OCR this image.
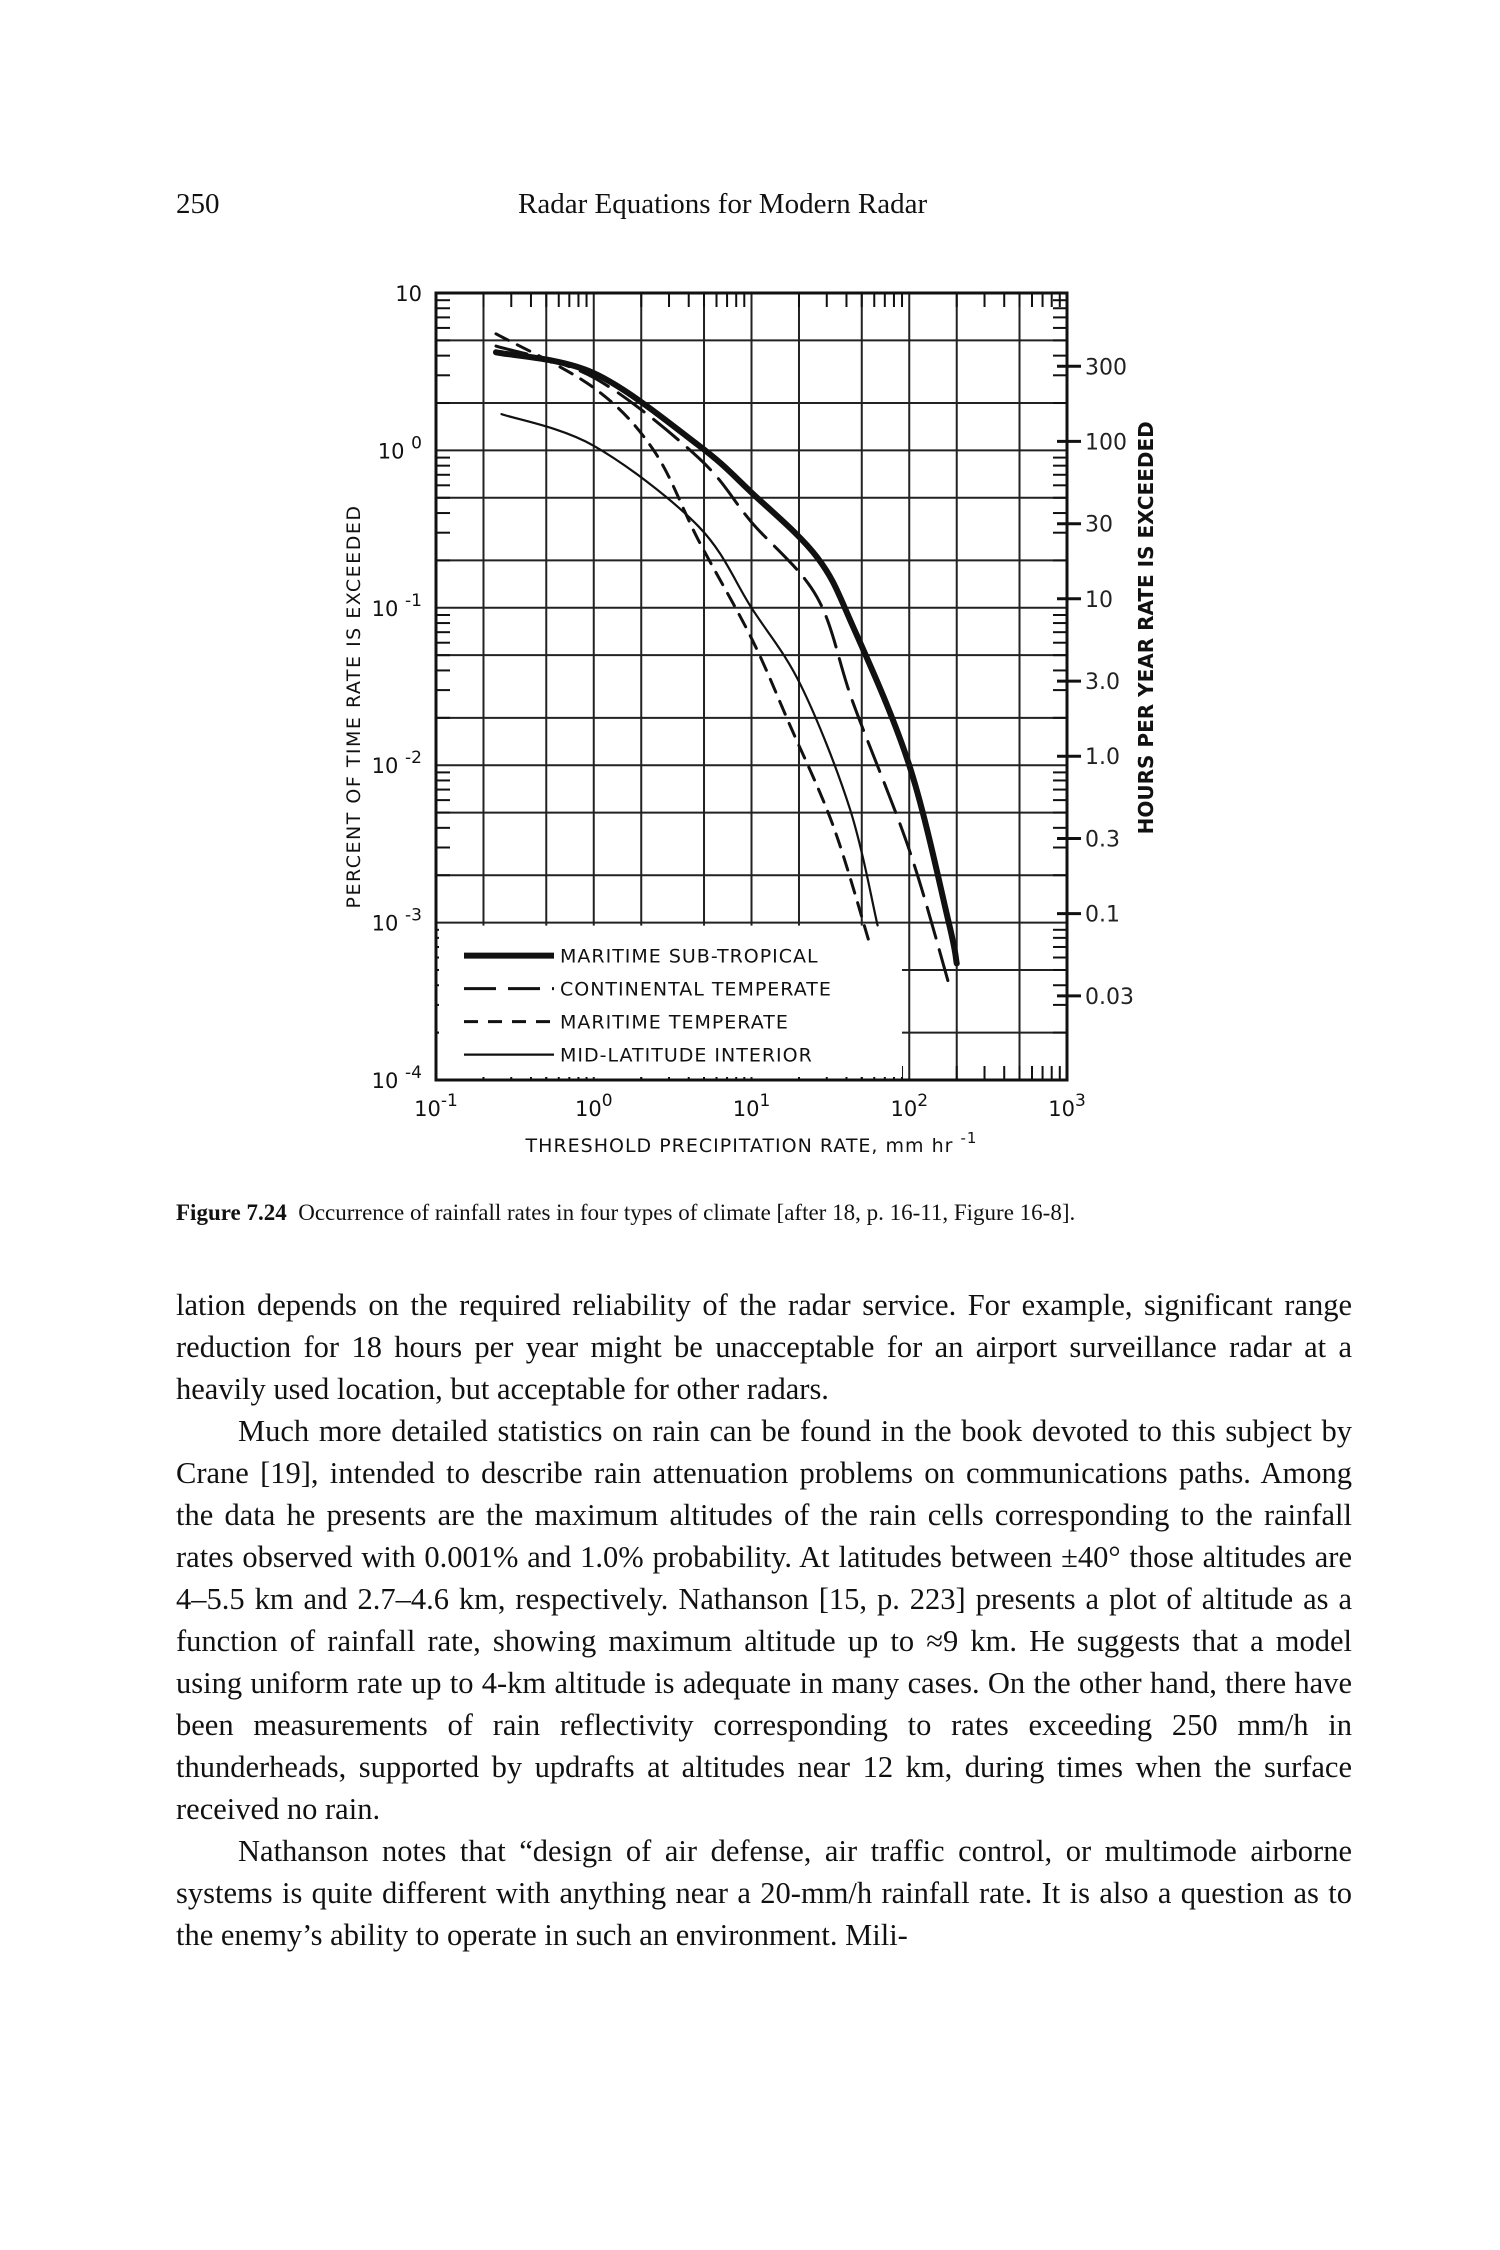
250	Radar Equations for Modern Radar
MARITIME SUB-TROPICAL
CONTINENTAL TEMPERATE
MARITIME TEMPERATE
MID-LATITUDE INTERIOR
$10^{-1}$	$10^0$	$10^1$	$10^2$	$10^3$
10
10 $^0$
10 $^{-1}$
10 $^{-2}$
10 $^{-3}$
10 $^{-4}$
300
100
30
10
3.0
1.0
0.3
0.1
0.03
THRESHOLD PRECIPITATION RATE, mm hr $^{-1}$
PERCENT OF TIME RATE IS EXCEEDED	HOURS PER YEAR RATE IS EXCEEDED
Figure 7.24 Occurrence of rainfall rates in four types of climate [after 18, p. 16-11, Figure 16-8].

lation depends on the required reliability of the radar service. For example, significant range reduction for 18 hours per year might be unacceptable for an airport surveillance radar at a heavily used location, but acceptable for other radars.

Much more detailed statistics on rain can be found in the book devoted to this subject by Crane [19], intended to describe rain attenuation problems on communications paths. Among the data he presents are the maximum altitudes of the rain cells corresponding to the rainfall rates observed with 0.001% and 1.0% probability. At latitudes between ±40° those altitudes are 4–5.5 km and 2.7–4.6 km, respectively. Nathanson [15, p. 223] presents a plot of altitude as a function of rainfall rate, showing maximum altitude up to ≈9 km. He suggests that a model using uniform rate up to 4-km altitude is adequate in many cases. On the other hand, there have been measurements of rain reflectivity corresponding to rates exceeding 250 mm/h in thunderheads, supported by updrafts at altitudes near 12 km, during times when the surface received no rain.

Nathanson notes that “design of air defense, air traffic control, or multimode airborne systems is quite different with anything near a 20-mm/h rainfall rate. It is also a question as to the enemy’s ability to operate in such an environment. Mili-
